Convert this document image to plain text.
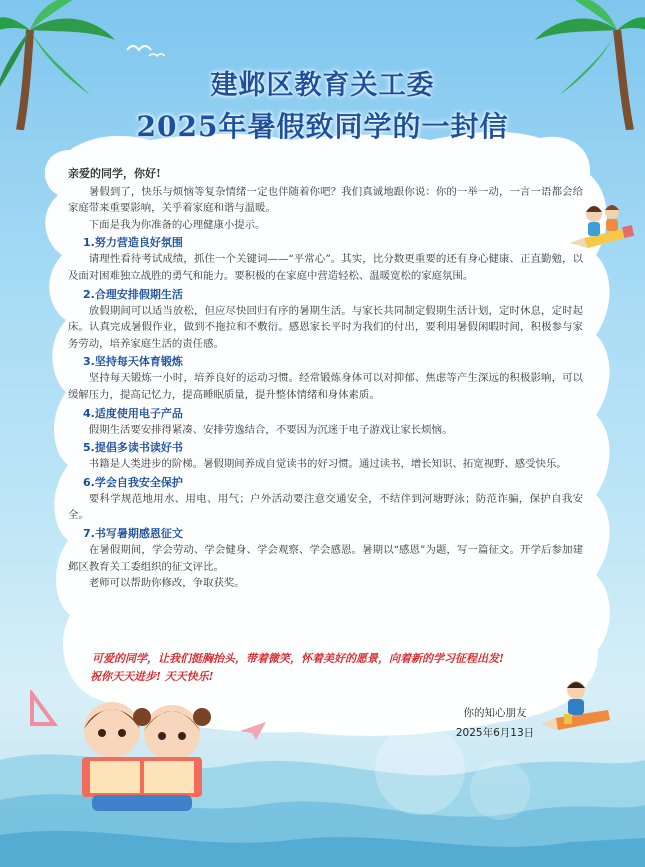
建邺区教育关工委
2025年暑假致同学的一封信
亲爱的同学，你好!

暑假到了，快乐与烦恼等复杂情绪一定也伴随着你吧？我们真诚地跟你说：你的一举一动，一言一语都会给家庭带来重要影响，关乎着家庭和谐与温暖。

下面是我为你准备的心理健康小提示。

1.努力营造良好氛围

请理性看待考试成绩，抓住一个关键词——“平常心”。其实，比分数更重要的还有身心健康、正直勤勉，以及面对困难独立战胜的勇气和能力。要积极的在家庭中营造轻松、温暖宽松的家庭氛围。

2.合理安排假期生活

放假期间可以适当放松，但应尽快回归有序的暑期生活。与家长共同制定假期生活计划，定时休息，定时起床。认真完成暑假作业，做到不拖拉和不敷衍。感恩家长平时为我们的付出，要利用暑假闲暇时间，积极参与家务劳动，培养家庭生活的责任感。

3.坚持每天体育锻炼

坚持每天锻炼一小时，培养良好的运动习惯。经常锻炼身体可以对抑郁、焦虑等产生深远的积极影响，可以缓解压力，提高记忆力，提高睡眠质量，提升整体情绪和身体素质。

4.适度使用电子产品

假期生活要安排得紧凑、安排劳逸结合，不要因为沉迷于电子游戏让家长烦恼。

5.提倡多读书读好书

书籍是人类进步的阶梯。暑假期间养成自觉读书的好习惯。通过读书，增长知识、拓宽视野、感受快乐。

6.学会自我安全保护

要科学规范地用水、用电、用气；户外活动要注意交通安全，不结伴到河塘野泳；防范诈骗，保护自我安全。

7.书写暑期感恩征文

在暑假期间，学会劳动、学会健身、学会观察、学会感恩。暑期以“感恩”为题，写一篇征文。开学后参加建邺区教育关工委组织的征文评比。

老师可以帮助你修改，争取获奖。

可爱的同学，让我们挺胸抬头，带着微笑，怀着美好的愿景，向着新的学习征程出发!
祝你天天进步! 天天快乐!
你的知心朋友
2025年6月13日
